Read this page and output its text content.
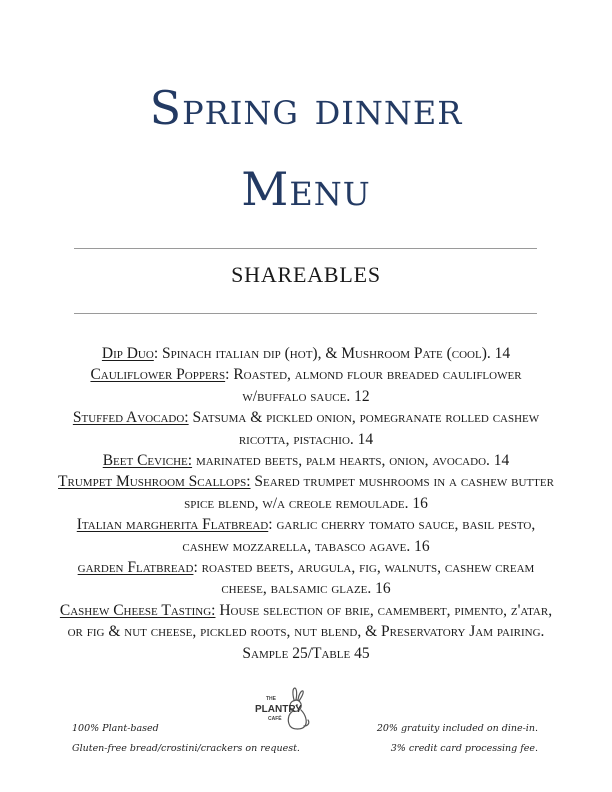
Spring dinner
Menu
SHAREABLES

Dip Duo: Spinach italian dip (hot), & Mushroom Pate (cool). 14

Cauliflower Poppers: Roasted, almond flour breaded cauliflower w/buffalo sauce. 12

Stuffed Avocado: Satsuma & pickled onion, pomegranate rolled cashew ricotta, pistachio. 14

Beet Ceviche: marinated beets, palm hearts, onion, avocado. 14

Trumpet Mushroom Scallops: Seared trumpet mushrooms in a cashew butter spice blend, w/a creole remoulade. 16

Italian margherita Flatbread: garlic cherry tomato sauce, basil pesto, cashew mozzarella, tabasco agave. 16

garden Flatbread: roasted beets, arugula, fig, walnuts, cashew cream cheese, balsamic glaze. 16

Cashew Cheese Tasting: House selection of brie, camembert, pimento, z'atar, or fig & nut cheese, pickled roots, nut blend, & Preservatory Jam pairing. Sample 25/Table 45

100% Plant-based
Gluten-free bread/crostini/crackers on request.
THE
PLANTRY
CAFÉ
20% gratuity included on dine-in.
3% credit card processing fee.
